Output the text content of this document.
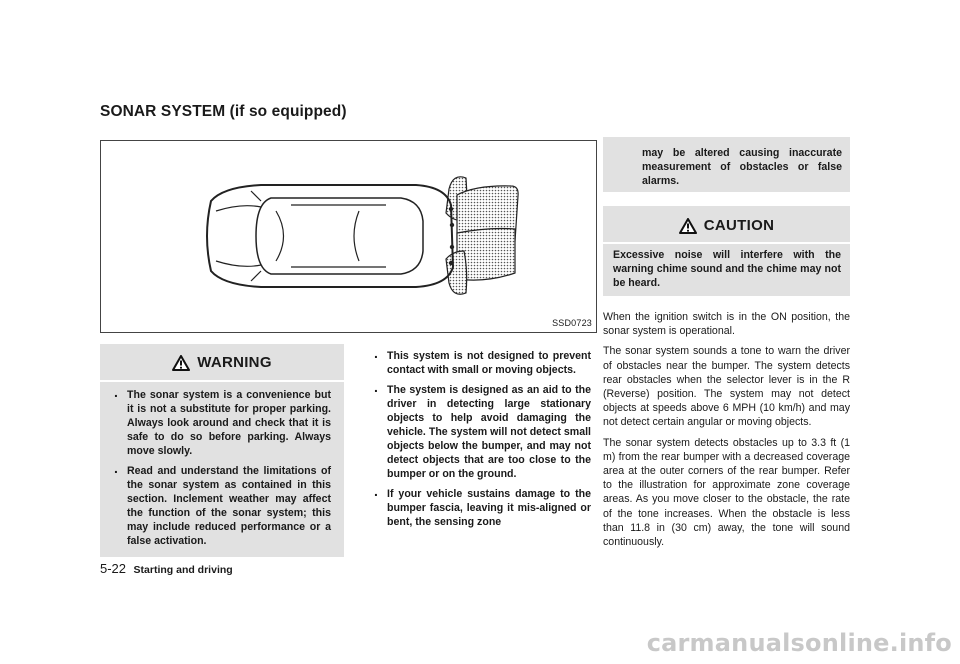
SONAR SYSTEM (if so equipped)
SSD0723
WARNING
. The sonar system is a convenience but it is not a substitute for proper parking. Always look around and check that it is safe to do so before parking. Always move slowly.
. Read and understand the limitations of the sonar system as contained in this section. Inclement weather may affect the function of the sonar system; this may include reduced performance or a false activation.
. This system is not designed to prevent contact with small or moving objects.
. The system is designed as an aid to the driver in detecting large stationary objects to help avoid damaging the vehicle. The system will not detect small objects below the bumper, and may not detect objects that are too close to the bumper or on the ground.
. If your vehicle sustains damage to the bumper fascia, leaving it mis-aligned or bent, the sensing zone
may be altered causing inaccurate measurement of obstacles or false alarms.
CAUTION
Excessive noise will interfere with the warning chime sound and the chime may not be heard.

When the ignition switch is in the ON position, the sonar system is operational.

The sonar system sounds a tone to warn the driver of obstacles near the bumper. The system detects rear obstacles when the selector lever is in the R (Reverse) position. The system may not detect objects at speeds above 6 MPH (10 km/h) and may not detect certain angular or moving objects.

The sonar system detects obstacles up to 3.3 ft (1 m) from the rear bumper with a decreased coverage area at the outer corners of the rear bumper. Refer to the illustration for approximate zone coverage areas. As you move closer to the obstacle, the rate of the tone increases. When the obstacle is less than 11.8 in (30 cm) away, the tone will sound continuously.

5-22 Starting and driving
carmanualsonline.info
